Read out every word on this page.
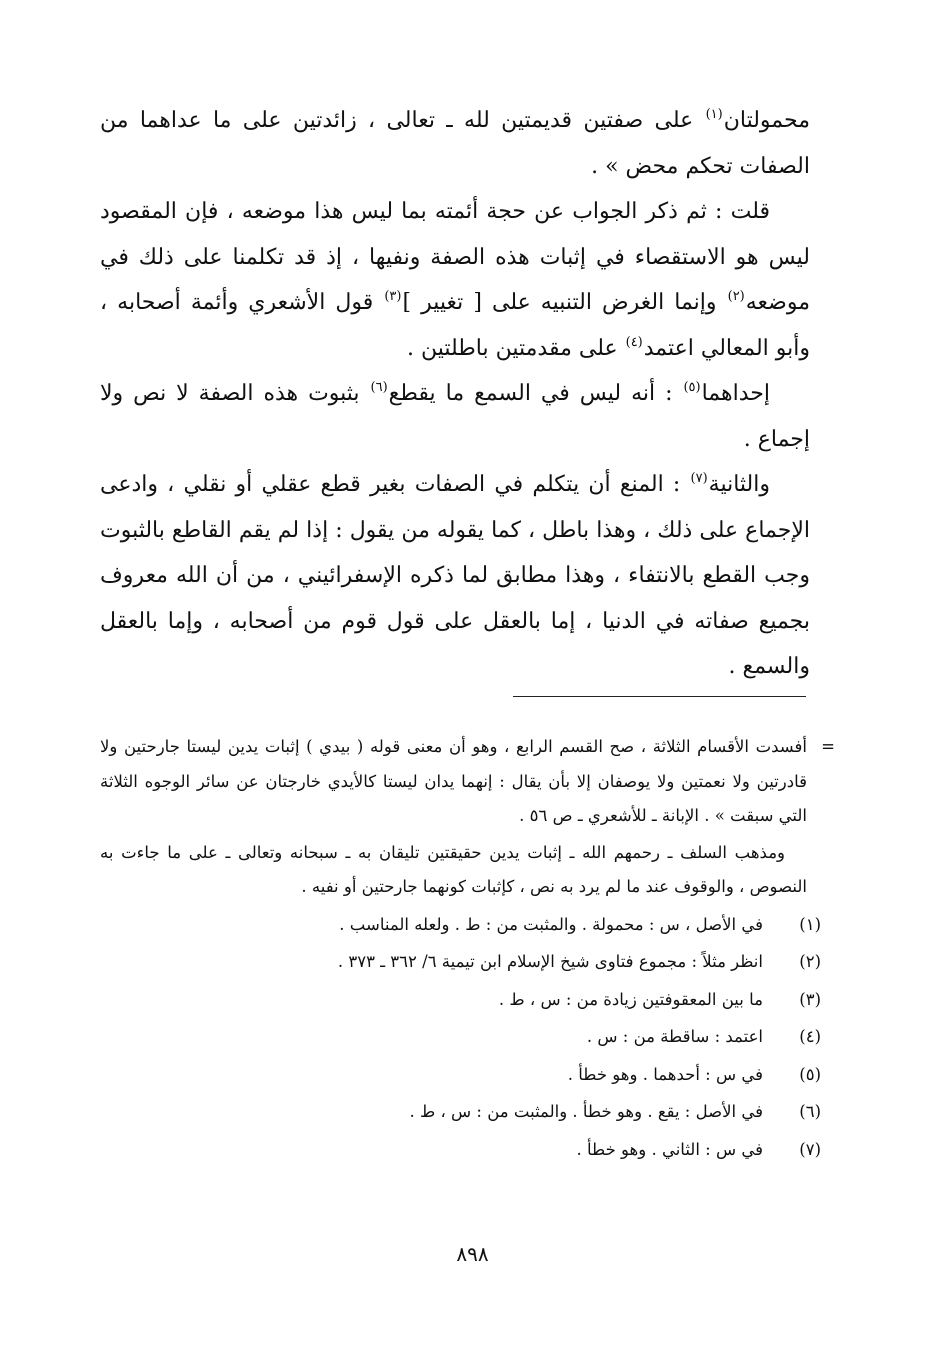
محمولتان$^{(١)}$ على صفتين قديمتين لله ـ تعالى ، زائدتين على ما عداهما من الصفات تحكم محض » .

قلت : ثم ذكر الجواب عن حجة أئمته بما ليس هذا موضعه ، فإن المقصود ليس هو الاستقصاء في إثبات هذه الصفة ونفيها ، إذ قد تكلمنا على ذلك في موضعه$^{(٢)}$ وإنما الغرض التنبيه على [ تغيير ]$^{(٣)}$ قول الأشعري وأئمة أصحابه ، وأبو المعالي اعتمد$^{(٤)}$ على مقدمتين باطلتين .

إحداهما$^{(٥)}$ : أنه ليس في السمع ما يقطع$^{(٦)}$ بثبوت هذه الصفة لا نص ولا إجماع .

والثانية$^{(٧)}$ : المنع أن يتكلم في الصفات بغير قطع عقلي أو نقلي ، وادعى الإجماع على ذلك ، وهذا باطل ، كما يقوله من يقول : إذا لم يقم القاطع بالثبوت وجب القطع بالانتفاء ، وهذا مطابق لما ذكره الإسفرائيني ، من أن الله معروف بجميع صفاته في الدنيا ، إما بالعقل على قول قوم من أصحابه ، وإما بالعقل والسمع .

=

أفسدت الأقسام الثلاثة ، صح القسم الرابع ، وهو أن معنى قوله ( بيدي ) إثبات يدين ليستا جارحتين ولا قادرتين ولا نعمتين ولا يوصفان إلا بأن يقال : إنهما يدان ليستا كالأيدي خارجتان عن سائر الوجوه الثلاثة التي سبقت » . الإبانة ـ للأشعري ـ ص ٥٦ .

ومذهب السلف ـ رحمهم الله ـ إثبات يدين حقيقتين تليقان به ـ سبحانه وتعالى ـ على ما جاءت به النصوص ، والوقوف عند ما لم يرد به نص ، كإثبات كونهما جارحتين أو نفيه .

(١)
في الأصل ، س : محمولة . والمثبت من : ط . ولعله المناسب .
(٢)
انظر مثلاً : مجموع فتاوى شيخ الإسلام ابن تيمية ٦/ ٣٦٢ ـ ٣٧٣ .
(٣)
ما بين المعقوفتين زيادة من : س ، ط .
(٤)
اعتمد : ساقطة من : س .
(٥)
في س : أحدهما . وهو خطأ .
(٦)
في الأصل : يقع . وهو خطأ . والمثبت من : س ، ط .
(٧)
في س : الثاني . وهو خطأ .
٨٩٨
